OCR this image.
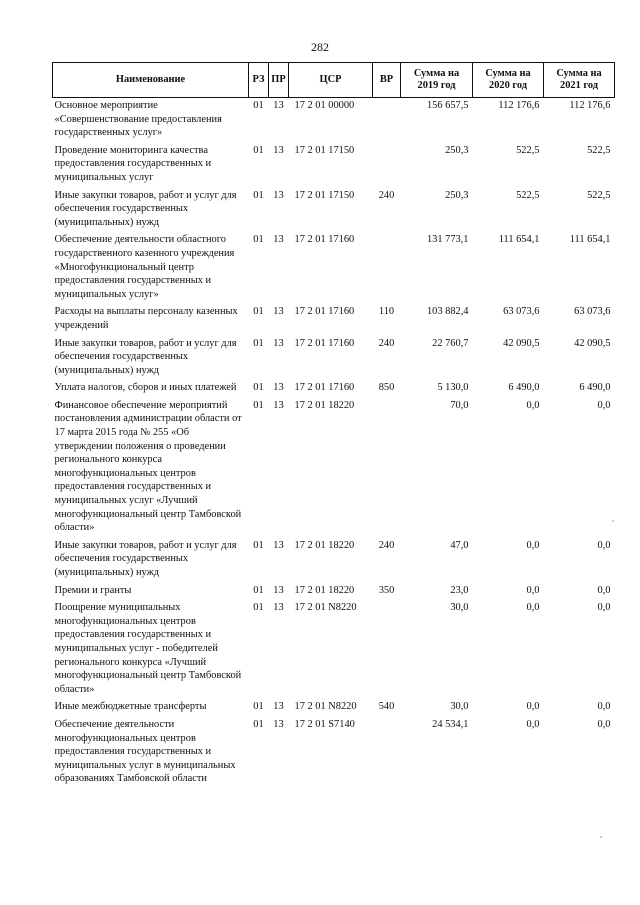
282
Наименование	РЗ	ПР	ЦСР	ВР	Сумма на 2019 год	Сумма на 2020 год	Сумма на 2021 год
Основное мероприятие «Совершенствование предоставления государственных услуг»	01	13	17 2 01 00000		156 657,5	112 176,6	112 176,6
Проведение мониторинга качества предоставления государственных и муниципальных услуг	01	13	17 2 01 17150		250,3	522,5	522,5
Иные закупки товаров, работ и услуг для обеспечения государственных (муниципальных) нужд	01	13	17 2 01 17150	240	250,3	522,5	522,5
Обеспечение деятельности областного государственного казенного учреждения «Многофункциональный центр предоставления государственных и муниципальных услуг»	01	13	17 2 01 17160		131 773,1	111 654,1	111 654,1
Расходы на выплаты персоналу казенных учреждений	01	13	17 2 01 17160	110	103 882,4	63 073,6	63 073,6
Иные закупки товаров, работ и услуг для обеспечения государственных (муниципальных) нужд	01	13	17 2 01 17160	240	22 760,7	42 090,5	42 090,5
Уплата налогов, сборов и иных платежей	01	13	17 2 01 17160	850	5 130,0	6 490,0	6 490,0
Финансовое обеспечение мероприятий постановления администрации области от 17 марта 2015 года № 255 «Об утверждении положения о проведении регионального конкурса многофункциональных центров предоставления государственных и муниципальных услуг «Лучший многофункциональный центр Тамбовской области»	01	13	17 2 01 18220		70,0	0,0	0,0
Иные закупки товаров, работ и услуг для обеспечения государственных (муниципальных) нужд	01	13	17 2 01 18220	240	47,0	0,0	0,0
Премии и гранты	01	13	17 2 01 18220	350	23,0	0,0	0,0
Поощрение муниципальных многофункциональных центров предоставления государственных и муниципальных услуг - победителей регионального конкурса «Лучший многофункциональный центр Тамбовской области»	01	13	17 2 01 N8220		30,0	0,0	0,0
Иные межбюджетные трансферты	01	13	17 2 01 N8220	540	30,0	0,0	0,0
Обеспечение деятельности многофункциональных центров предоставления государственных и муниципальных услуг в муниципальных образованиях Тамбовской области	01	13	17 2 01 S7140		24 534,1	0,0	0,0
